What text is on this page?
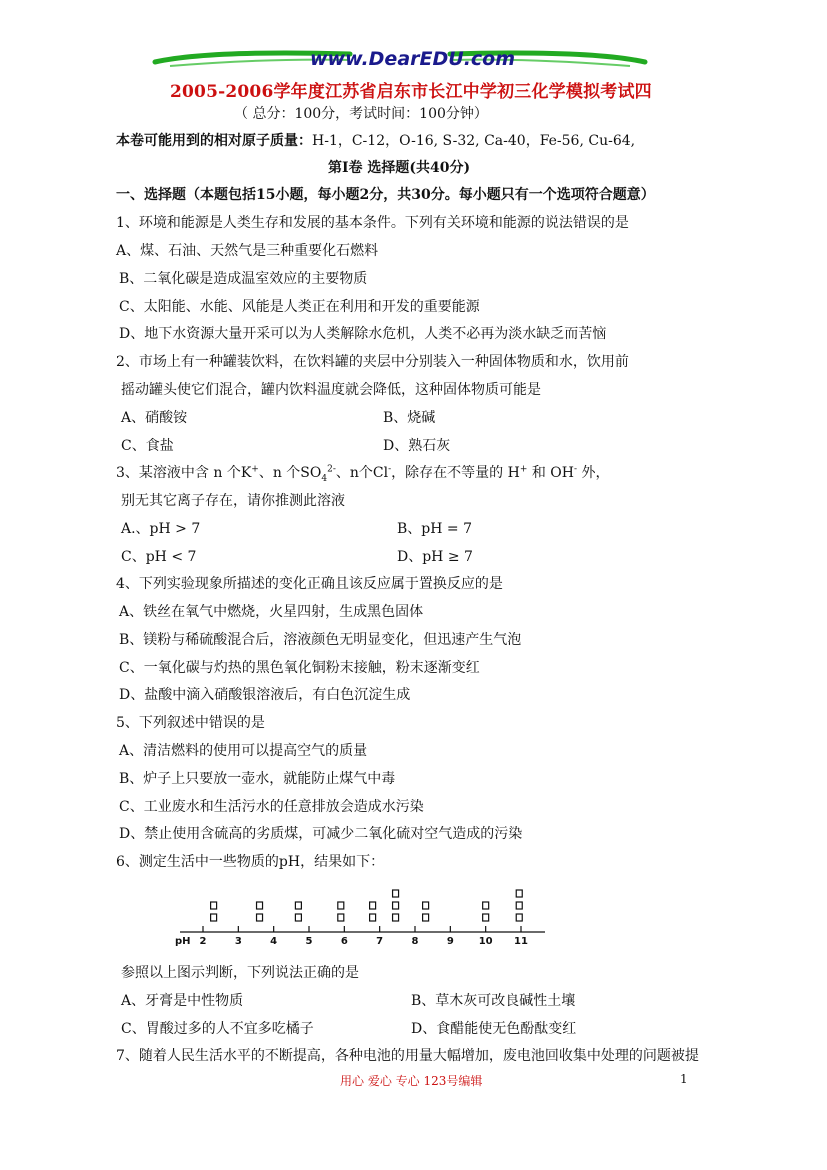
www.DearEDU.com
2005-2006学年度江苏省启东市长江中学初三化学模拟考试四
（ 总分：100分，考试时间：100分钟）
本卷可能用到的相对原子质量：H-1，C-12，O-16, S-32, Ca-40，Fe-56, Cu-64,
第Ⅰ卷 选择题(共40分)
一、选择题（本题包括15小题，每小题2分，共30分。每小题只有一个选项符合题意）
1、环境和能源是人类生存和发展的基本条件。下列有关环境和能源的说法错误的是
A、煤、石油、天然气是三种重要化石燃料
B、二氧化碳是造成温室效应的主要物质
C、太阳能、水能、风能是人类正在利用和开发的重要能源
D、地下水资源大量开采可以为人类解除水危机，人类不必再为淡水缺乏而苦恼
2、市场上有一种罐装饮料，在饮料罐的夹层中分别装入一种固体物质和水，饮用前
摇动罐头使它们混合，罐内饮料温度就会降低，这种固体物质可能是
A、硝酸铵	B、烧碱
C、食盐	D、熟石灰
3、某溶液中含 n 个K+、n 个$SO_4^{2-}$、n个Cl-，除存在不等量的 H+ 和 OH- 外，
别无其它离子存在，请你推测此溶液
A.、pH > 7	B、pH = 7
C、pH < 7	D、pH ≥ 7
4、下列实验现象所描述的变化正确且该反应属于置换反应的是
A、铁丝在氧气中燃烧，火星四射，生成黑色固体
B、镁粉与稀硫酸混合后，溶液颜色无明显变化，但迅速产生气泡
C、一氧化碳与灼热的黑色氧化铜粉末接触，粉末逐渐变红
D、盐酸中滴入硝酸银溶液后，有白色沉淀生成
5、下列叙述中错误的是
A、清洁燃料的使用可以提高空气的质量
B、炉子上只要放一壶水，就能防止煤气中毒
C、工业废水和生活污水的任意排放会造成水污染
D、禁止使用含硫高的劣质煤，可减少二氧化硫对空气造成的污染
6、测定生活中一些物质的pH，结果如下：
pH 2	3	4	5	6	7	8	9 10 11
参照以上图示判断，下列说法正确的是
A、牙膏是中性物质	B、草木灰可改良碱性土壤
C、胃酸过多的人不宜多吃橘子	D、食醋能使无色酚酞变红
7、随着人民生活水平的不断提高，各种电池的用量大幅增加，废电池回收集中处理的问题被提
用心 爱心 专心 123号编辑	1
